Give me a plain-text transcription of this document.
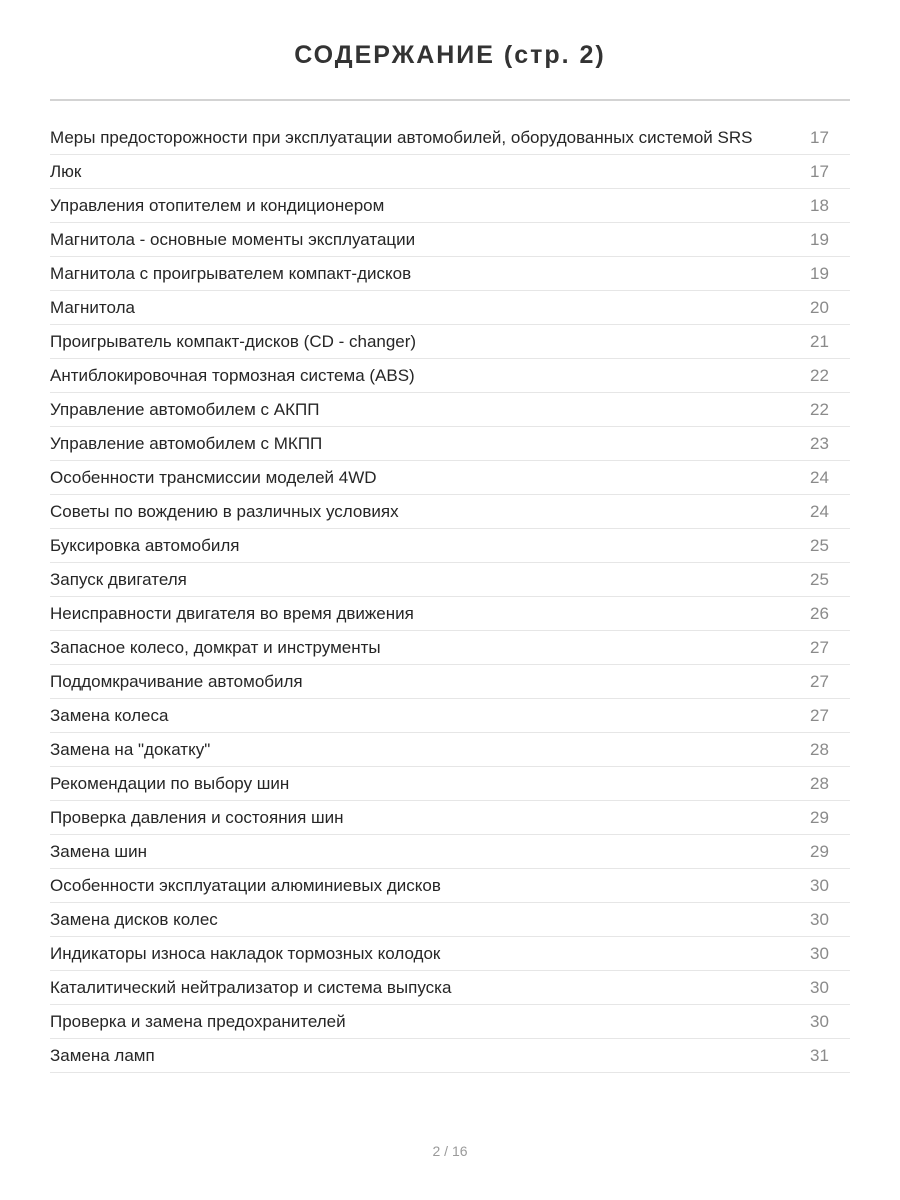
СОДЕРЖАНИЕ (стр. 2)
Меры предосторожности при эксплуатации автомобилей, оборудованных системой SRS	17
Люк	17
Управления отопителем и кондиционером	18
Магнитола - основные моменты эксплуатации	19
Магнитола с проигрывателем компакт-дисков	19
Магнитола	20
Проигрыватель компакт-дисков (CD - changer)	21
Антиблокировочная тормозная система (ABS)	22
Управление автомобилем с АКПП	22
Управление автомобилем с МКПП	23
Особенности трансмиссии моделей 4WD	24
Советы по вождению в различных условиях	24
Буксировка автомобиля	25
Запуск двигателя	25
Неисправности двигателя во время движения	26
Запасное колесо, домкрат и инструменты	27
Поддомкрачивание автомобиля	27
Замена колеса	27
Замена на "докатку"	28
Рекомендации по выбору шин	28
Проверка давления и состояния шин	29
Замена шин	29
Особенности эксплуатации алюминиевых дисков	30
Замена дисков колес	30
Индикаторы износа накладок тормозных колодок	30
Каталитический нейтрализатор и система выпуска	30
Проверка и замена предохранителей	30
Замена ламп	31
2 / 16
